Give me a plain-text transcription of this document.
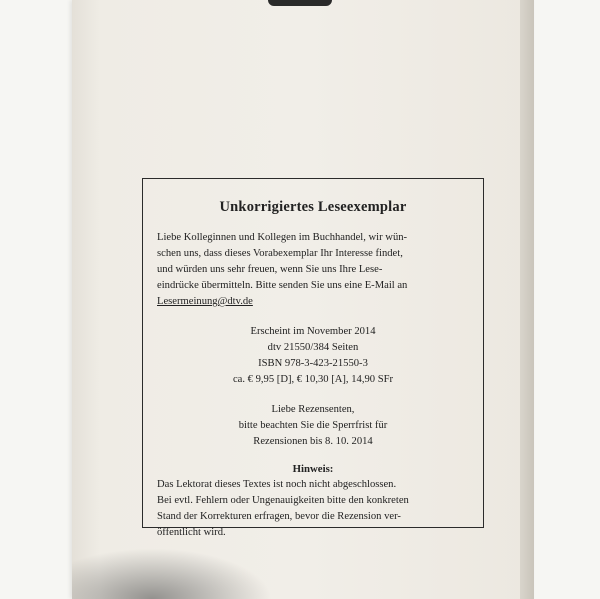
Unkorrigiertes Leseexemplar
Liebe Kolleginnen und Kollegen im Buchhandel, wir wün-
schen uns, dass dieses Vorabexemplar Ihr Interesse findet,
und würden uns sehr freuen, wenn Sie uns Ihre Lese-
eindrücke übermitteln. Bitte senden Sie uns eine E-Mail an
Lesermeinung@dtv.de
Erscheint im November 2014
dtv 21550/384 Seiten
ISBN 978-3-423-21550-3
ca. € 9,95 [D], € 10,30 [A], 14,90 SFr
Liebe Rezensenten,
bitte beachten Sie die Sperrfrist für
Rezensionen bis 8. 10. 2014
Hinweis:
Das Lektorat dieses Textes ist noch nicht abgeschlossen.
Bei evtl. Fehlern oder Ungenauigkeiten bitte den konkreten
Stand der Korrekturen erfragen, bevor die Rezension ver-
öffentlicht wird.
